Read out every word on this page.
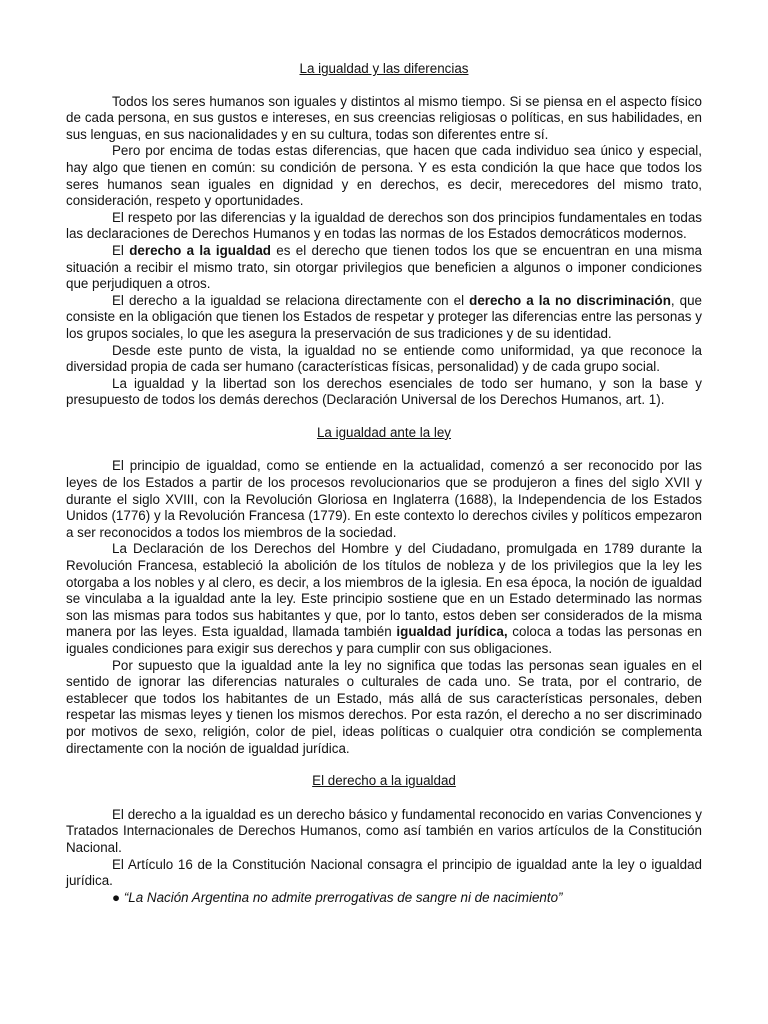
La igualdad y las diferencias

Todos los seres humanos son iguales y distintos al mismo tiempo. Si se piensa en el aspecto físico de cada persona, en sus gustos e intereses, en sus creencias religiosas o políticas, en sus habilidades, en sus lenguas, en sus nacionalidades y en su cultura, todas son diferentes entre sí.

Pero por encima de todas estas diferencias, que hacen que cada individuo sea único y especial, hay algo que tienen en común: su condición de persona. Y es esta condición la que hace que todos los seres humanos sean iguales en dignidad y en derechos, es decir, merecedores del mismo trato, consideración, respeto y oportunidades.

El respeto por las diferencias y la igualdad de derechos son dos principios fundamentales en todas las declaraciones de Derechos Humanos y en todas las normas de los Estados democráticos modernos.

El derecho a la igualdad es el derecho que tienen todos los que se encuentran en una misma situación a recibir el mismo trato, sin otorgar privilegios que beneficien a algunos o imponer condiciones que perjudiquen a otros.

El derecho a la igualdad se relaciona directamente con el derecho a la no discriminación, que consiste en la obligación que tienen los Estados de respetar y proteger las diferencias entre las personas y los grupos sociales, lo que les asegura la preservación de sus tradiciones y de su identidad.

Desde este punto de vista, la igualdad no se entiende como uniformidad, ya que reconoce la diversidad propia de cada ser humano (características físicas, personalidad) y de cada grupo social.

La igualdad y la libertad son los derechos esenciales de todo ser humano, y son la base y presupuesto de todos los demás derechos (Declaración Universal de los Derechos Humanos, art. 1).

La igualdad ante la ley

El principio de igualdad, como se entiende en la actualidad, comenzó a ser reconocido por las leyes de los Estados a partir de los procesos revolucionarios que se produjeron a fines del siglo XVII y durante el siglo XVIII, con la Revolución Gloriosa en Inglaterra (1688), la Independencia de los Estados Unidos (1776) y la Revolución Francesa (1779). En este contexto lo derechos civiles y políticos empezaron a ser reconocidos a todos los miembros de la sociedad.

La Declaración de los Derechos del Hombre y del Ciudadano, promulgada en 1789 durante la Revolución Francesa, estableció la abolición de los títulos de nobleza y de los privilegios que la ley les otorgaba a los nobles y al clero, es decir, a los miembros de la iglesia. En esa época, la noción de igualdad se vinculaba a la igualdad ante la ley. Este principio sostiene que en un Estado determinado las normas son las mismas para todos sus habitantes y que, por lo tanto, estos deben ser considerados de la misma manera por las leyes. Esta igualdad, llamada también igualdad jurídica, coloca a todas las personas en iguales condiciones para exigir sus derechos y para cumplir con sus obligaciones.

Por supuesto que la igualdad ante la ley no significa que todas las personas sean iguales en el sentido de ignorar las diferencias naturales o culturales de cada uno. Se trata, por el contrario, de establecer que todos los habitantes de un Estado, más allá de sus características personales, deben respetar las mismas leyes y tienen los mismos derechos. Por esta razón, el derecho a no ser discriminado por motivos de sexo, religión, color de piel, ideas políticas o cualquier otra condición se complementa directamente con la noción de igualdad jurídica.

El derecho a la igualdad

El derecho a la igualdad es un derecho básico y fundamental reconocido en varias Convenciones y Tratados Internacionales de Derechos Humanos, como así también en varios artículos de la Constitución Nacional.

El Artículo 16 de la Constitución Nacional consagra el principio de igualdad ante la ley o igualdad jurídica.

● “La Nación Argentina no admite prerrogativas de sangre ni de nacimiento”
